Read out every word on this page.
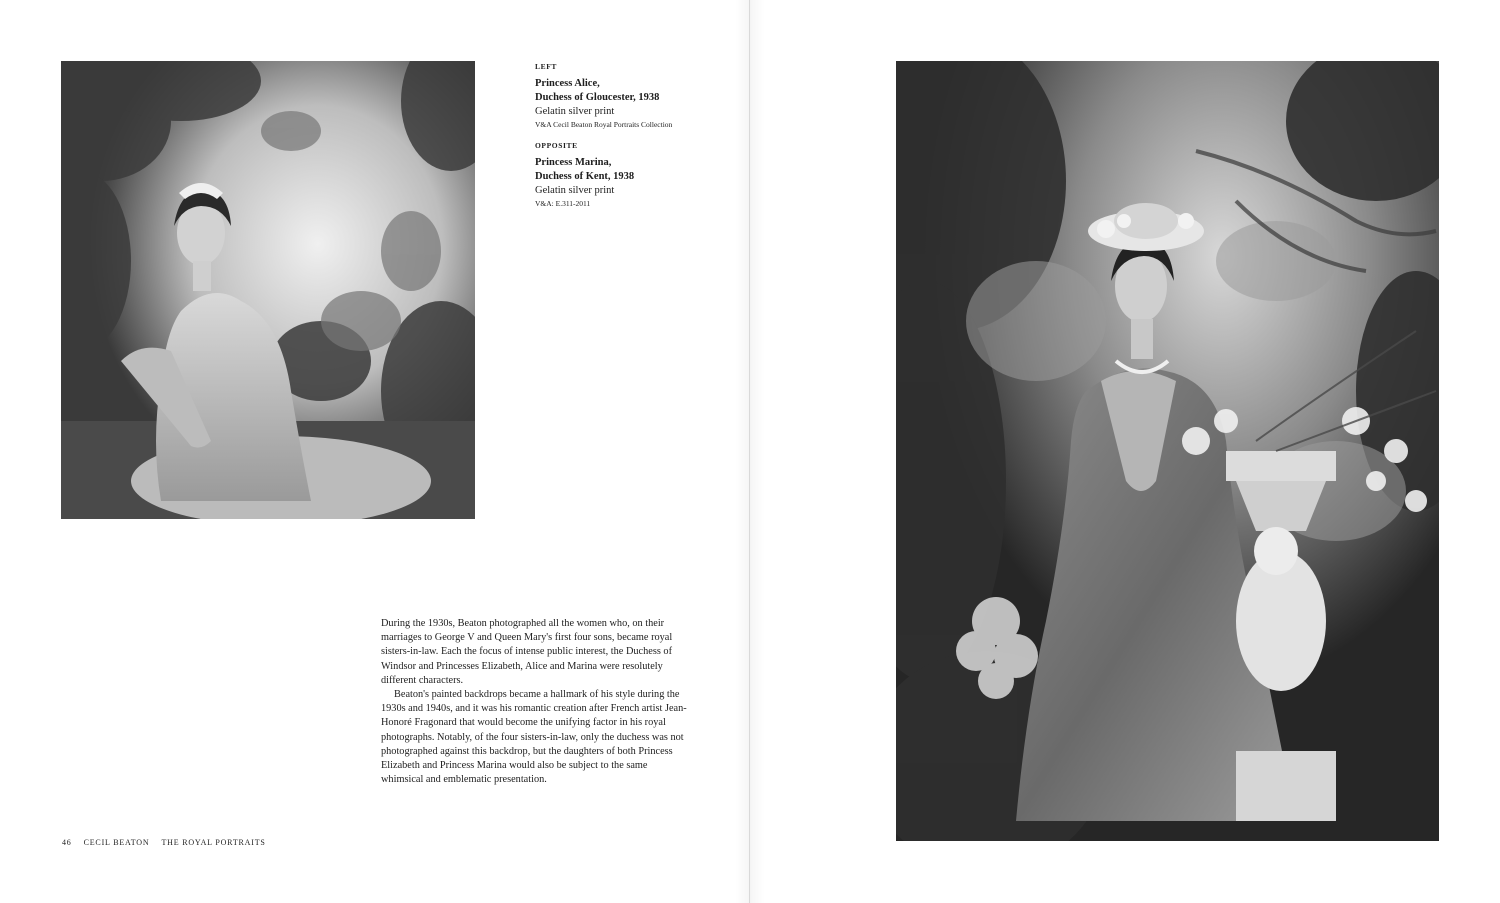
LEFT
Princess Alice,
Duchess of Gloucester, 1938
Gelatin silver print
V&A Cecil Beaton Royal Portraits Collection
OPPOSITE
Princess Marina,
Duchess of Kent, 1938
Gelatin silver print
V&A: E.311-2011

During the 1930s, Beaton photographed all the women who, on their marriages to George V and Queen Mary's first four sons, became royal sisters-in-law. Each the focus of intense public interest, the Duchess of Windsor and Princesses Elizabeth, Alice and Marina were resolutely different characters.

Beaton's painted backdrops became a hallmark of his style during the 1930s and 1940s, and it was his romantic creation after French artist Jean-Honoré Fragonard that would become the unifying factor in his royal photographs. Notably, of the four sisters-in-law, only the duchess was not photographed against this backdrop, but the daughters of both Princess Elizabeth and Princess Marina would also be subject to the same whimsical and emblematic presentation.

46 CECIL BEATON THE ROYAL PORTRAITS
